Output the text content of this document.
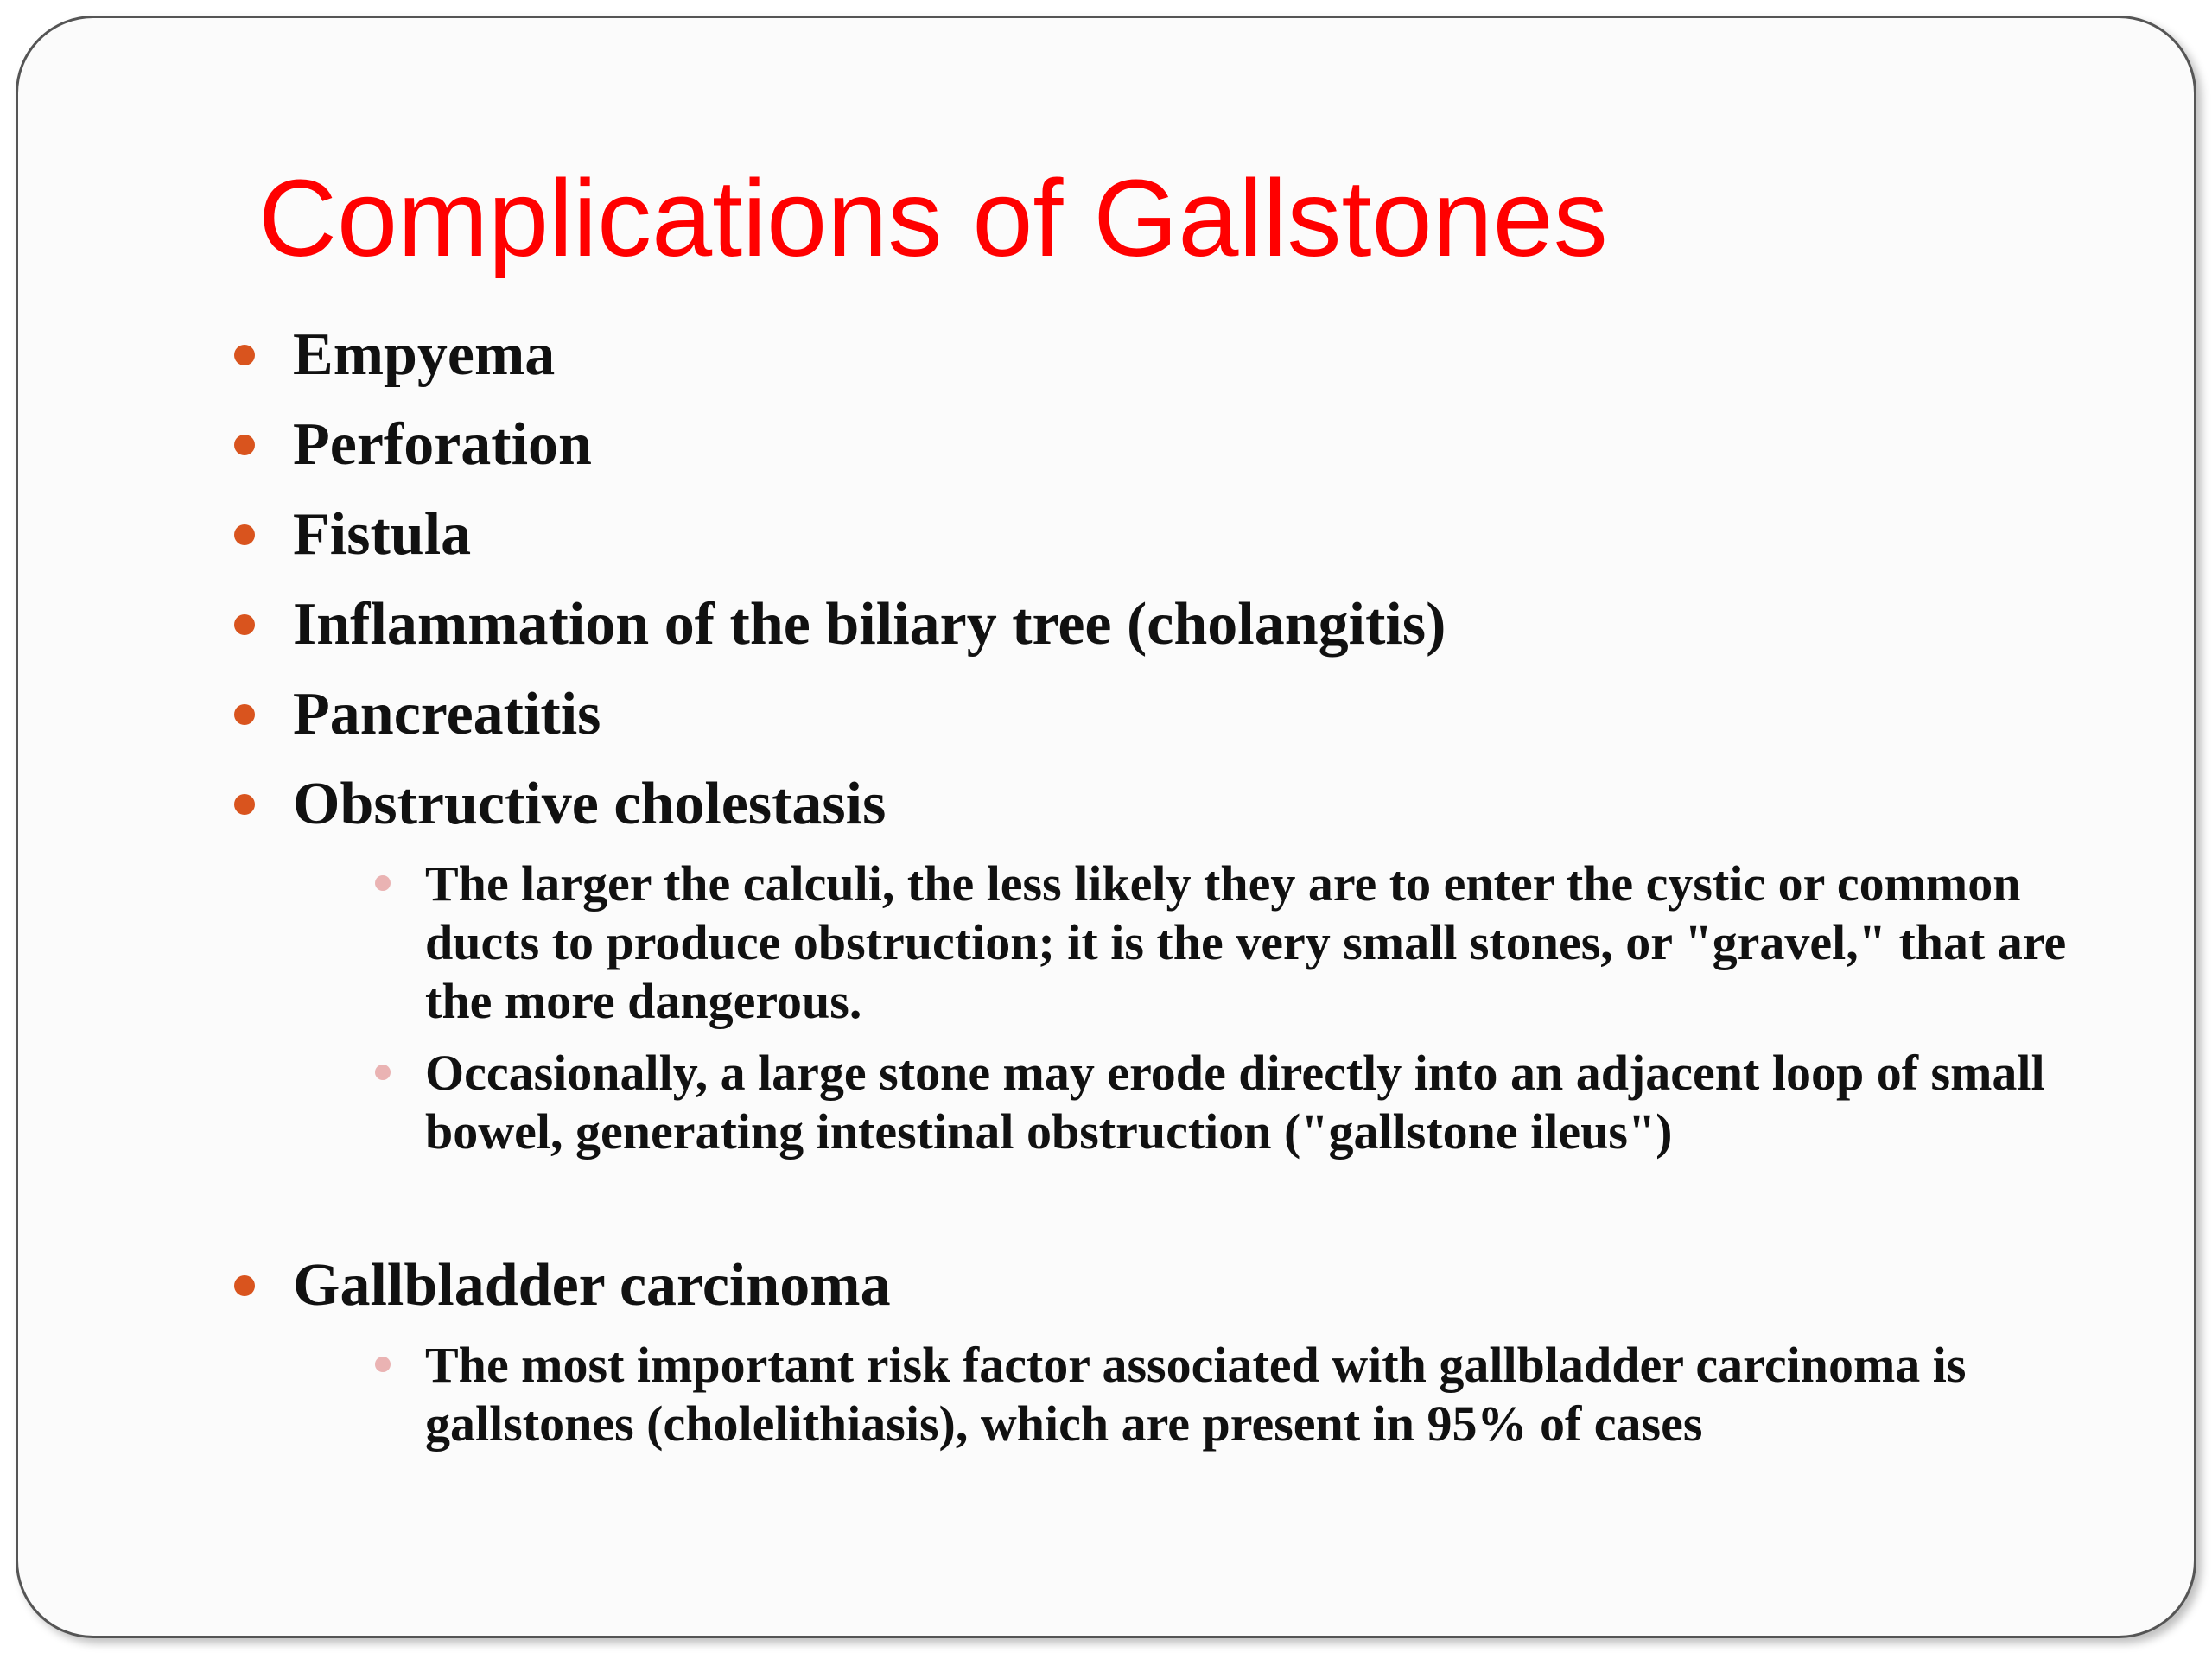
Complications of Gallstones
Empyema
Perforation
Fistula
Inflammation of the biliary tree (cholangitis)
Pancreatitis
Obstructive cholestasis
The larger the calculi, the less likely they are to enter the cystic or common ducts to produce obstruction; it is the very small stones, or "gravel," that are the more dangerous.
Occasionally, a large stone may erode directly into an adjacent loop of small bowel, generating intestinal obstruction ("gallstone ileus")
Gallbladder carcinoma
The most important risk factor associated with gallbladder carcinoma is gallstones (cholelithiasis), which are present in 95% of cases
